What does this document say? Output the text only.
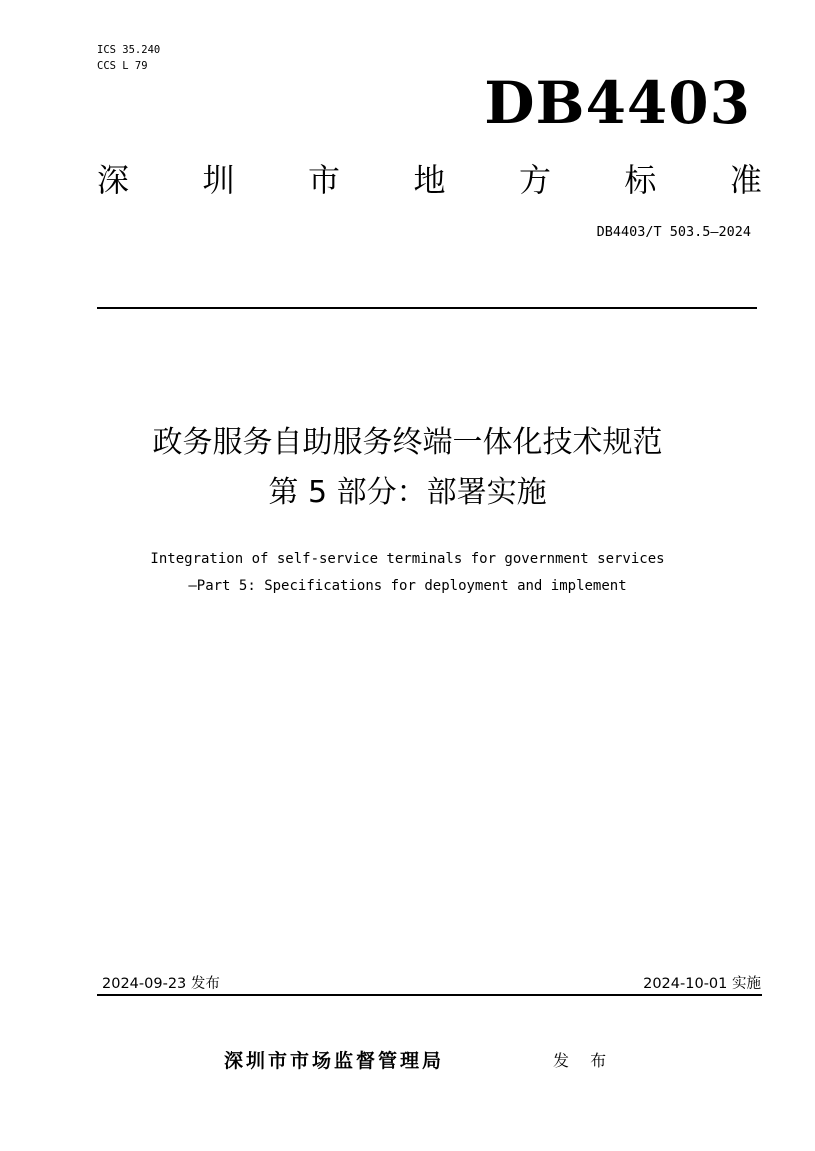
ICS 35.240
CCS L 79
DB4403
深 圳 市 地 方 标 准
DB4403/T 503.5—2024
政务服务自助服务终端一体化技术规范
第 5 部分：部署实施
Integration of self-service terminals for government services
—Part 5: Specifications for deployment and implement
2024-09-23 发布	2024-10-01 实施
深圳市市场监督管理局	发 布
